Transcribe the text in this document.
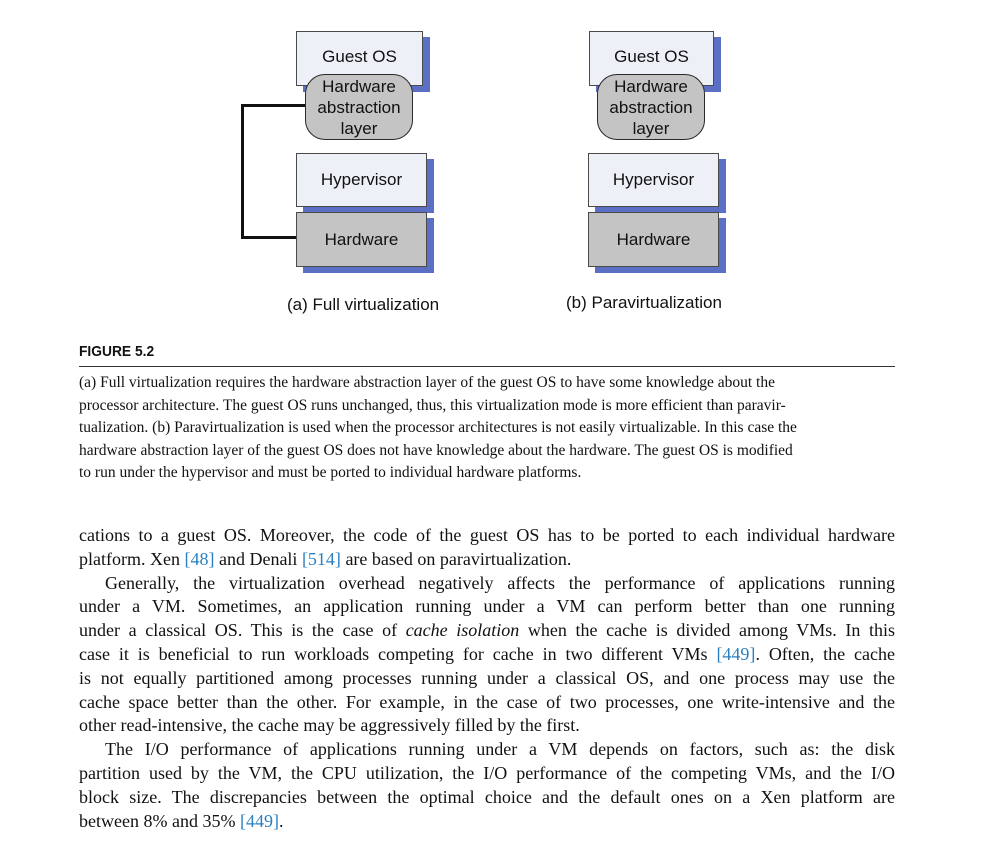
Guest OS
Hardware
abstraction
layer
Hypervisor
Hardware
(a) Full virtualization
Guest OS
Hardware
abstraction
layer
Hypervisor
Hardware
(b) Paravirtualization
FIGURE 5.2
(a) Full virtualization requires the hardware abstraction layer of the guest OS to have some knowledge about the
processor architecture. The guest OS runs unchanged, thus, this virtualization mode is more efficient than paravir-
tualization. (b) Paravirtualization is used when the processor architectures is not easily virtualizable. In this case the
hardware abstraction layer of the guest OS does not have knowledge about the hardware. The guest OS is modified
to run under the hypervisor and must be ported to individual hardware platforms.
cations to a guest OS. Moreover, the code of the guest OS has to be ported to each individual hardware
platform. Xen [48] and Denali [514] are based on paravirtualization.
Generally, the virtualization overhead negatively affects the performance of applications running
under a VM. Sometimes, an application running under a VM can perform better than one running
under a classical OS. This is the case of cache isolation when the cache is divided among VMs. In this
case it is beneficial to run workloads competing for cache in two different VMs [449]. Often, the cache
is not equally partitioned among processes running under a classical OS, and one process may use the
cache space better than the other. For example, in the case of two processes, one write-intensive and the
other read-intensive, the cache may be aggressively filled by the first.
The I/O performance of applications running under a VM depends on factors, such as: the disk
partition used by the VM, the CPU utilization, the I/O performance of the competing VMs, and the I/O
block size. The discrepancies between the optimal choice and the default ones on a Xen platform are
between 8% and 35% [449].
